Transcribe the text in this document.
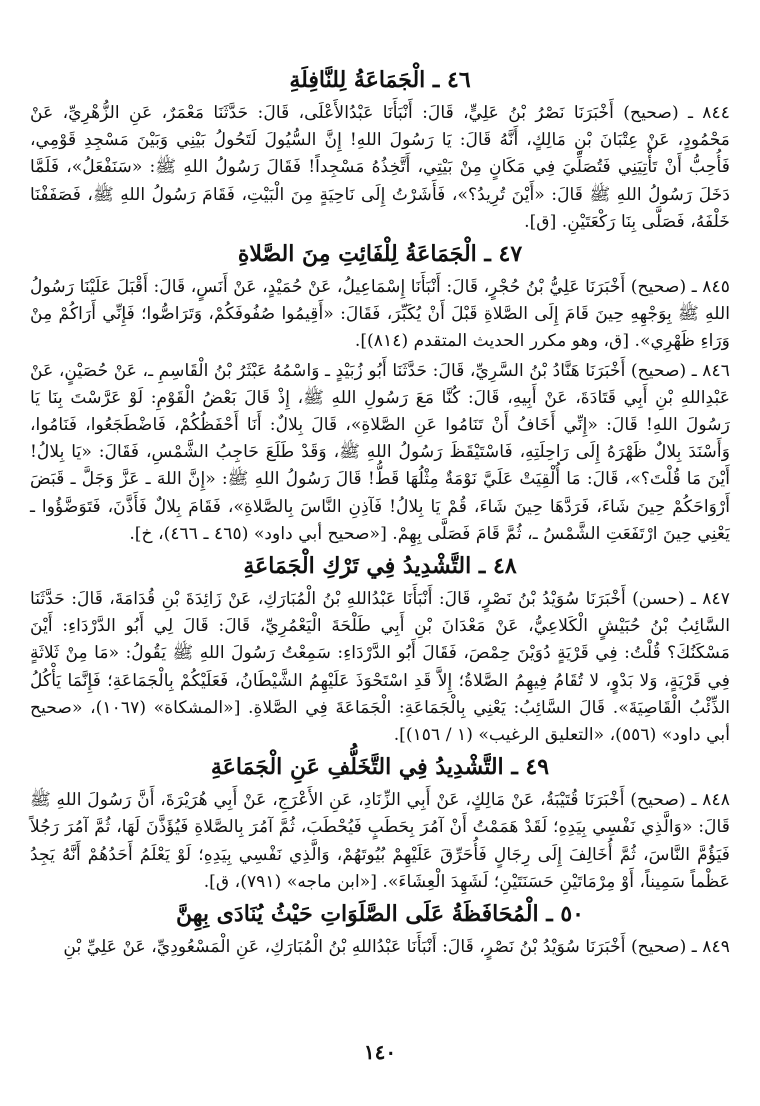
٤٦ ـ الْجَمَاعَةُ لِلنَّافِلَةِ

٨٤٤ ـ (صحيح) أَخْبَرَنَا نَصْرُ بْنُ عَلِيٍّ، قَالَ: أَنْبَأَنَا عَبْدُالأَعْلَى، قَالَ: حَدَّثَنَا مَعْمَرٌ، عَنِ الزُّهْرِيِّ، عَنْ مَحْمُودٍ، عَنْ عِتْبَانَ بْنِ مَالِكٍ، أَنَّهُ قَالَ: يَا رَسُولَ اللهِ! إِنَّ السُّيُولَ لَتَحُولُ بَيْنِي وَبَيْنَ مَسْجِدِ قَوْمِي، فَأُحِبُّ أَنْ تَأْتِيَنِي فَتُصَلِّيَ فِي مَكَانٍ مِنْ بَيْتِي، أَتَّخِذُهُ مَسْجِداً! فَقَالَ رَسُولُ اللهِ ﷺ: «سَنَفْعَلُ»، فَلَمَّا دَخَلَ رَسُولُ اللهِ ﷺ قَالَ: «أَيْنَ تُرِيدُ؟»، فَأَشَرْتُ إِلَى نَاحِيَةٍ مِنَ الْبَيْتِ، فَقَامَ رَسُولُ اللهِ ﷺ، فَصَفَفْنَا خَلْفَهُ، فَصَلَّى بِنَا رَكْعَتَيْنِ. [ق].

٤٧ ـ الْجَمَاعَةُ لِلْفَائِتِ مِنَ الصَّلاةِ

٨٤٥ ـ (صحيح) أَخْبَرَنَا عَلِيُّ بْنُ حُجْرٍ، قَالَ: أَنْبَأَنَا إِسْمَاعِيلُ، عَنْ حُمَيْدٍ، عَنْ أَنَسٍ، قَالَ: أَقْبَلَ عَلَيْنَا رَسُولُ اللهِ ﷺ بِوَجْهِهِ حِينَ قَامَ إِلَى الصَّلاةِ قَبْلَ أَنْ يُكَبِّرَ، فَقَالَ: «أَقِيمُوا صُفُوفَكُمْ، وَتَرَاصُّوا؛ فَإِنِّي أَرَاكُمْ مِنْ وَرَاءِ ظَهْرِي». [ق، وهو مكرر الحديث المتقدم (٨١٤)].

٨٤٦ ـ (صحيح) أَخْبَرَنَا هَنَّادُ بْنُ السَّرِيِّ، قَالَ: حَدَّثَنَا أَبُو زُبَيْدٍ ـ وَاسْمُهُ عَبْثَرُ بْنُ الْقَاسِمِ ـ، عَنْ حُصَيْنٍ، عَنْ عَبْدِاللهِ بْنِ أَبِي قَتَادَةَ، عَنْ أَبِيهِ، قَالَ: كُنَّا مَعَ رَسُولِ اللهِ ﷺ، إِذْ قَالَ بَعْضُ الْقَوْمِ: لَوْ عَرَّسْتَ بِنَا يَا رَسُولَ اللهِ! قَالَ: «إِنِّي أَخَافُ أَنْ تَنَامُوا عَنِ الصَّلاةِ»، قَالَ بِلالٌ: أَنَا أَحْفَظُكُمْ، فَاضْطَجَعُوا، فَنَامُوا، وَأَسْنَدَ بِلالٌ ظَهْرَهُ إِلَى رَاحِلَتِهِ، فَاسْتَيْقَظَ رَسُولُ اللهِ ﷺ، وَقَدْ طَلَعَ حَاجِبُ الشَّمْسِ، فَقَالَ: «يَا بِلالُ! أَيْنَ مَا قُلْتَ؟»، قَالَ: مَا أُلْقِيَتْ عَلَيَّ نَوْمَةٌ مِثْلُهَا قَطُّ! قَالَ رَسُولُ اللهِ ﷺ: «إِنَّ اللهَ ـ عَزَّ وَجَلَّ ـ قَبَضَ أَرْوَاحَكُمْ حِينَ شَاءَ، فَرَدَّهَا حِينَ شَاءَ، قُمْ يَا بِلالُ! فَآذِنِ النَّاسَ بِالصَّلاةِ»، فَقَامَ بِلالٌ فَأَذَّنَ، فَتَوَضَّؤُوا ـ يَعْنِي حِينَ ارْتَفَعَتِ الشَّمْسُ ـ، ثُمَّ قَامَ فَصَلَّى بِهِمْ. [«صحيح أبي داود» (٤٦٥ ـ ٤٦٦)، خ].

٤٨ ـ التَّشْدِيدُ فِي تَرْكِ الْجَمَاعَةِ

٨٤٧ ـ (حسن) أَخْبَرَنَا سُوَيْدُ بْنُ نَصْرٍ، قَالَ: أَنْبَأَنَا عَبْدُاللهِ بْنُ الْمُبَارَكِ، عَنْ زَائِدَةَ بْنِ قُدَامَةَ، قَالَ: حَدَّثَنَا السَّائِبُ بْنُ حُبَيْشٍ الْكَلاعِيُّ، عَنْ مَعْدَانَ بْنِ أَبِي طَلْحَةَ الْيَعْمُرِيِّ، قَالَ: قَالَ لِي أَبُو الدَّرْدَاءِ: أَيْنَ مَسْكَنُكَ؟ قُلْتُ: فِي قَرْيَةٍ دُوَيْنَ حِمْصَ، فَقَالَ أَبُو الدَّرْدَاءِ: سَمِعْتُ رَسُولَ اللهِ ﷺ يَقُولُ: «مَا مِنْ ثَلاثَةٍ فِي قَرْيَةٍ، وَلا بَدْوٍ، لا تُقَامُ فِيهِمُ الصَّلاةُ؛ إِلاَّ قَدِ اسْتَحْوَذَ عَلَيْهِمُ الشَّيْطَانُ، فَعَلَيْكُمْ بِالْجَمَاعَةِ؛ فَإِنَّمَا يَأْكُلُ الذِّئْبُ الْقَاصِيَةَ». قَالَ السَّائِبُ: يَعْنِي بِالْجَمَاعَةِ: الْجَمَاعَةَ فِي الصَّلاةِ. [«المشكاة» (١٠٦٧)، «صحيح أبي داود» (٥٥٦)، «التعليق الرغيب» (١ / ١٥٦)].

٤٩ ـ التَّشْدِيدُ فِي التَّخَلُّفِ عَنِ الْجَمَاعَةِ

٨٤٨ ـ (صحيح) أَخْبَرَنَا قُتَيْبَةُ، عَنْ مَالِكٍ، عَنْ أَبِي الزِّنَادِ، عَنِ الأَعْرَجِ، عَنْ أَبِي هُرَيْرَةَ، أَنَّ رَسُولَ اللهِ ﷺ قَالَ: «وَالَّذِي نَفْسِي بِيَدِهِ؛ لَقَدْ هَمَمْتُ أَنْ آمُرَ بِحَطَبٍ فَيُحْطَبَ، ثُمَّ آمُرَ بِالصَّلاةِ فَيُؤَذَّنَ لَهَا، ثُمَّ آمُرَ رَجُلاً فَيَؤُمَّ النَّاسَ، ثُمَّ أُخَالِفَ إِلَى رِجَالٍ فَأُحَرِّقَ عَلَيْهِمْ بُيُوتَهُمْ، وَالَّذِي نَفْسِي بِيَدِهِ؛ لَوْ يَعْلَمُ أَحَدُهُمْ أَنَّهُ يَجِدُ عَظْماً سَمِيناً، أَوْ مِرْمَاتَيْنِ حَسَنَتَيْنِ؛ لَشَهِدَ الْعِشَاءَ». [«ابن ماجه» (٧٩١)، ق].

٥٠ ـ الْمُحَافَظَةُ عَلَى الصَّلَوَاتِ حَيْثُ يُنَادَى بِهِنَّ

٨٤٩ ـ (صحيح) أَخْبَرَنَا سُوَيْدُ بْنُ نَصْرٍ، قَالَ: أَنْبَأَنَا عَبْدُاللهِ بْنُ الْمُبَارَكِ، عَنِ الْمَسْعُودِيِّ، عَنْ عَلِيِّ بْنِ

١٤٠
